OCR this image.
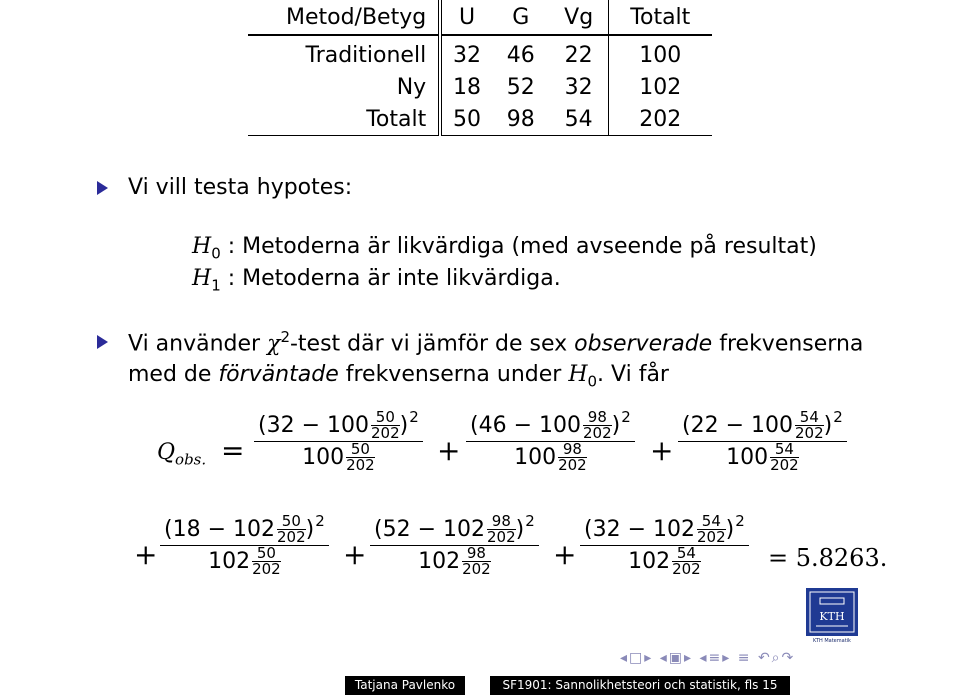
Metod/Betyg	U	G	Vg	Totalt
Traditionell	32	46	22	100
Ny	18	52	32	102
Totalt	50	98	54	202
Vi vill testa hypotes:
$H_0$ : Metoderna är likvärdiga (med avseende på resultat)
$H_1$ : Metoderna är inte likvärdiga.
Vi använder $\chi^2$-test där vi jämför de sex observerade frekvenserna
med de förväntade frekvenserna under $H_0$. Vi får
$Q_{obs.}$ =
( 32 − 100 50
202 ) 2
100 50
202
( 46 − 100 98
202 ) 2
100 98
202
( 22 − 100 54
202 ) 2
100 54
202
( 18 − 102 50
202 ) 2
102 50
202
( 52 − 102 98
202 ) 2
102 98
202
( 32 − 102 54
202 ) 2
102 54
202
+	+
+	+	+	= 5.8263.
KTH
KTH Matematik
◂□▸ ◂▣▸ ◂≡▸ ≡ ↶⌕↷
Tatjana Pavlenko	SF1901: Sannolikhetsteori och statistik, fls 15
